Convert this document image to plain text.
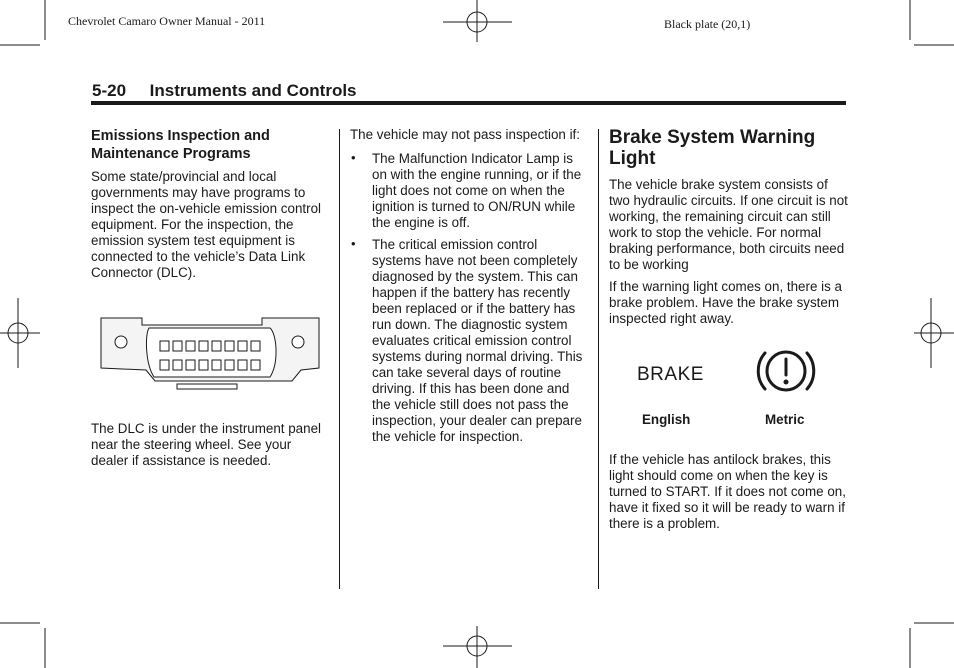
Chevrolet Camaro Owner Manual - 2011	Black plate (20,1)
5-20 Instruments and Controls

Emissions Inspection and Maintenance Programs

Some state/provincial and local governments may have programs to inspect the on-vehicle emission control equipment. For the inspection, the emission system test equipment is connected to the vehicle’s Data Link Connector (DLC).

The DLC is under the instrument panel near the steering wheel. See your dealer if assistance is needed.

The vehicle may not pass inspection if:

• The Malfunction Indicator Lamp is on with the engine running, or if the light does not come on when the ignition is turned to ON/RUN while the engine is off.
• The critical emission control systems have not been completely diagnosed by the system. This can happen if the battery has recently been replaced or if the battery has run down. The diagnostic system evaluates critical emission control systems during normal driving. This can take several days of routine driving. If this has been done and the vehicle still does not pass the inspection, your dealer can prepare the vehicle for inspection.

Brake System Warning Light

The vehicle brake system consists of two hydraulic circuits. If one circuit is not working, the remaining circuit can still work to stop the vehicle. For normal braking performance, both circuits need to be working

If the warning light comes on, there is a brake problem. Have the brake system inspected right away.

BRAKE
English	Metric

If the vehicle has antilock brakes, this light should come on when the key is turned to START. If it does not come on, have it fixed so it will be ready to warn if there is a problem.
